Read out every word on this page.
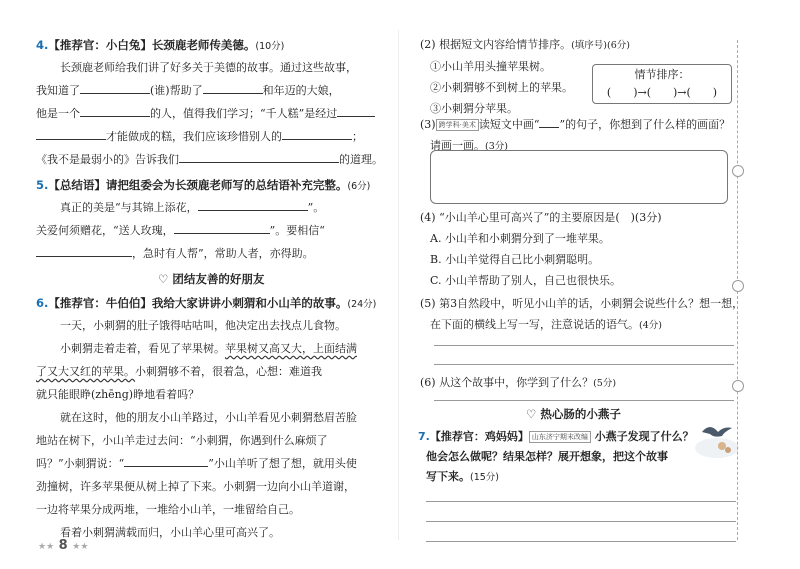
4.【推荐官：小白兔】长颈鹿老师传美德。(10分)
长颈鹿老师给我们讲了好多关于美德的故事。通过这些故事，
我知道了	(谁)帮助了	和年迈的大娘，
他是一个	的人，值得我们学习；“千人糕”是经过
才能做成的糕，我们应该珍惜别人的	；
《我不是最弱小的》告诉我们	的道理。
5.【总结语】请把组委会为长颈鹿老师写的总结语补充完整。(6分)
真正的美是“与其锦上添花，	”。
关爱何须赠花，“送人玫瑰，	”。要相信“
，急时有人帮”，常助人者，亦得助。
♡ 团结友善的好朋友
6.【推荐官：牛伯伯】我给大家讲讲小刺猬和小山羊的故事。(24分)
一天，小刺猬的肚子饿得咕咕叫，他决定出去找点儿食物。
小刺猬走着走着，看见了苹果树。苹果树又高又大，上面结满
了又大又红的苹果。小刺猬够不着，很着急，心想：难道我
就只能眼睁(zhēng)睁地看着吗？
就在这时，他的朋友小山羊路过，小山羊看见小刺猬愁眉苦脸
地站在树下，小山羊走过去问：“小刺猬，你遇到什么麻烦了
吗？”小刺猬说：“	”小山羊听了想了想，就用头使
劲撞树，许多苹果便从树上掉了下来。小刺猬一边向小山羊道谢，
一边将苹果分成两堆，一堆给小山羊，一堆留给自己。
看着小刺猬满载而归，小山羊心里可高兴了。
(2) 根据短文内容给情节排序。(填序号)(6分)
①小山羊用头撞苹果树。
②小刺猬够不到树上的苹果。
③小刺猬分苹果。
情节排序：
(　　)→(　　)→(　　)
(3) 跨学科·美术 读短文中画“ ”的句子，你想到了什么样的画面？
请画一画。(3分)
(4) “小山羊心里可高兴了”的主要原因是(　)(3分)
A. 小山羊和小刺猬分到了一堆苹果。
B. 小山羊觉得自己比小刺猬聪明。
C. 小山羊帮助了别人，自己也很快乐。
(5) 第3自然段中，听见小山羊的话，小刺猬会说些什么？想一想，
在下面的横线上写一写，注意说话的语气。(4分)
(6) 从这个故事中，你学到了什么？(5分)
♡ 热心肠的小燕子
7.【推荐官：鸡妈妈】 山东济宁期末改编 小燕子发现了什么？
他会怎么做呢？结果怎样？展开想象，把这个故事
写下来。(15分)
★★ 8 ★★
